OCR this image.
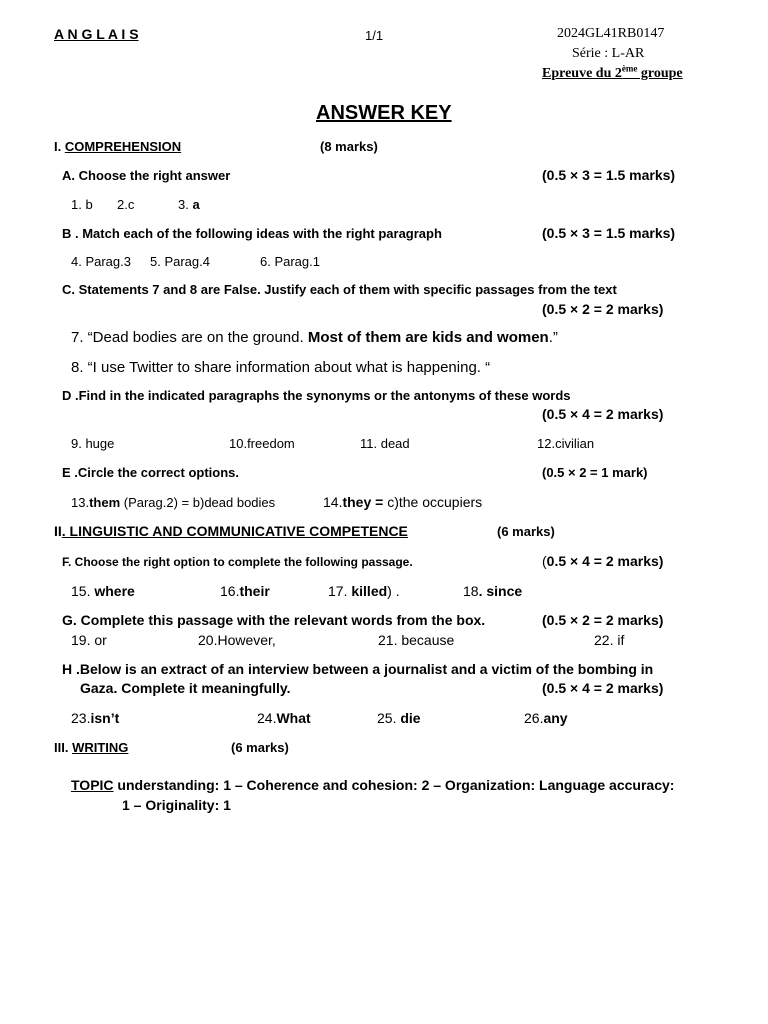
A N G L A I S	1/1	2024GL41RB0147
Série : L-AR
Epreuve du 2ème groupe
ANSWER KEY
I. COMPREHENSION	(8 marks)
A. Choose the right answer	(0.5 × 3 = 1.5 marks)
1. b 2.c	3. a
B . Match each of the following ideas with the right paragraph	(0.5 × 3 = 1.5 marks)
4. Parag.3 5. Parag.4	6. Parag.1
C. Statements 7 and 8 are False. Justify each of them with specific passages from the text
(0.5 × 2 = 2 marks)
7. “Dead bodies are on the ground. Most of them are kids and women.”
8. “I use Twitter to share information about what is happening. “
D .Find in the indicated paragraphs the synonyms or the antonyms of these words
(0.5 × 4 = 2 marks)
9. huge	10.freedom	11. dead	12.civilian
E .Circle the correct options.	(0.5 × 2 = 1 mark)
13.them (Parag.2) = b)dead bodies	14.they = c)the occupiers
II. LINGUISTIC AND COMMUNICATIVE COMPETENCE	(6 marks)
F. Choose the right option to complete the following passage.	(0.5 × 4 = 2 marks)
15. where	16.their	17. killed) .	18. since
G. Complete this passage with the relevant words from the box.	(0.5 × 2 = 2 marks)
19. or	20.However,	21. because	22. if
H .Below is an extract of an interview between a journalist and a victim of the bombing in
Gaza. Complete it meaningfully.	(0.5 × 4 = 2 marks)
23.isn’t	24.What	25. die	26.any
III. WRITING	(6 marks)
TOPIC understanding: 1 – Coherence and cohesion: 2 – Organization: Language accuracy:
1 – Originality: 1
